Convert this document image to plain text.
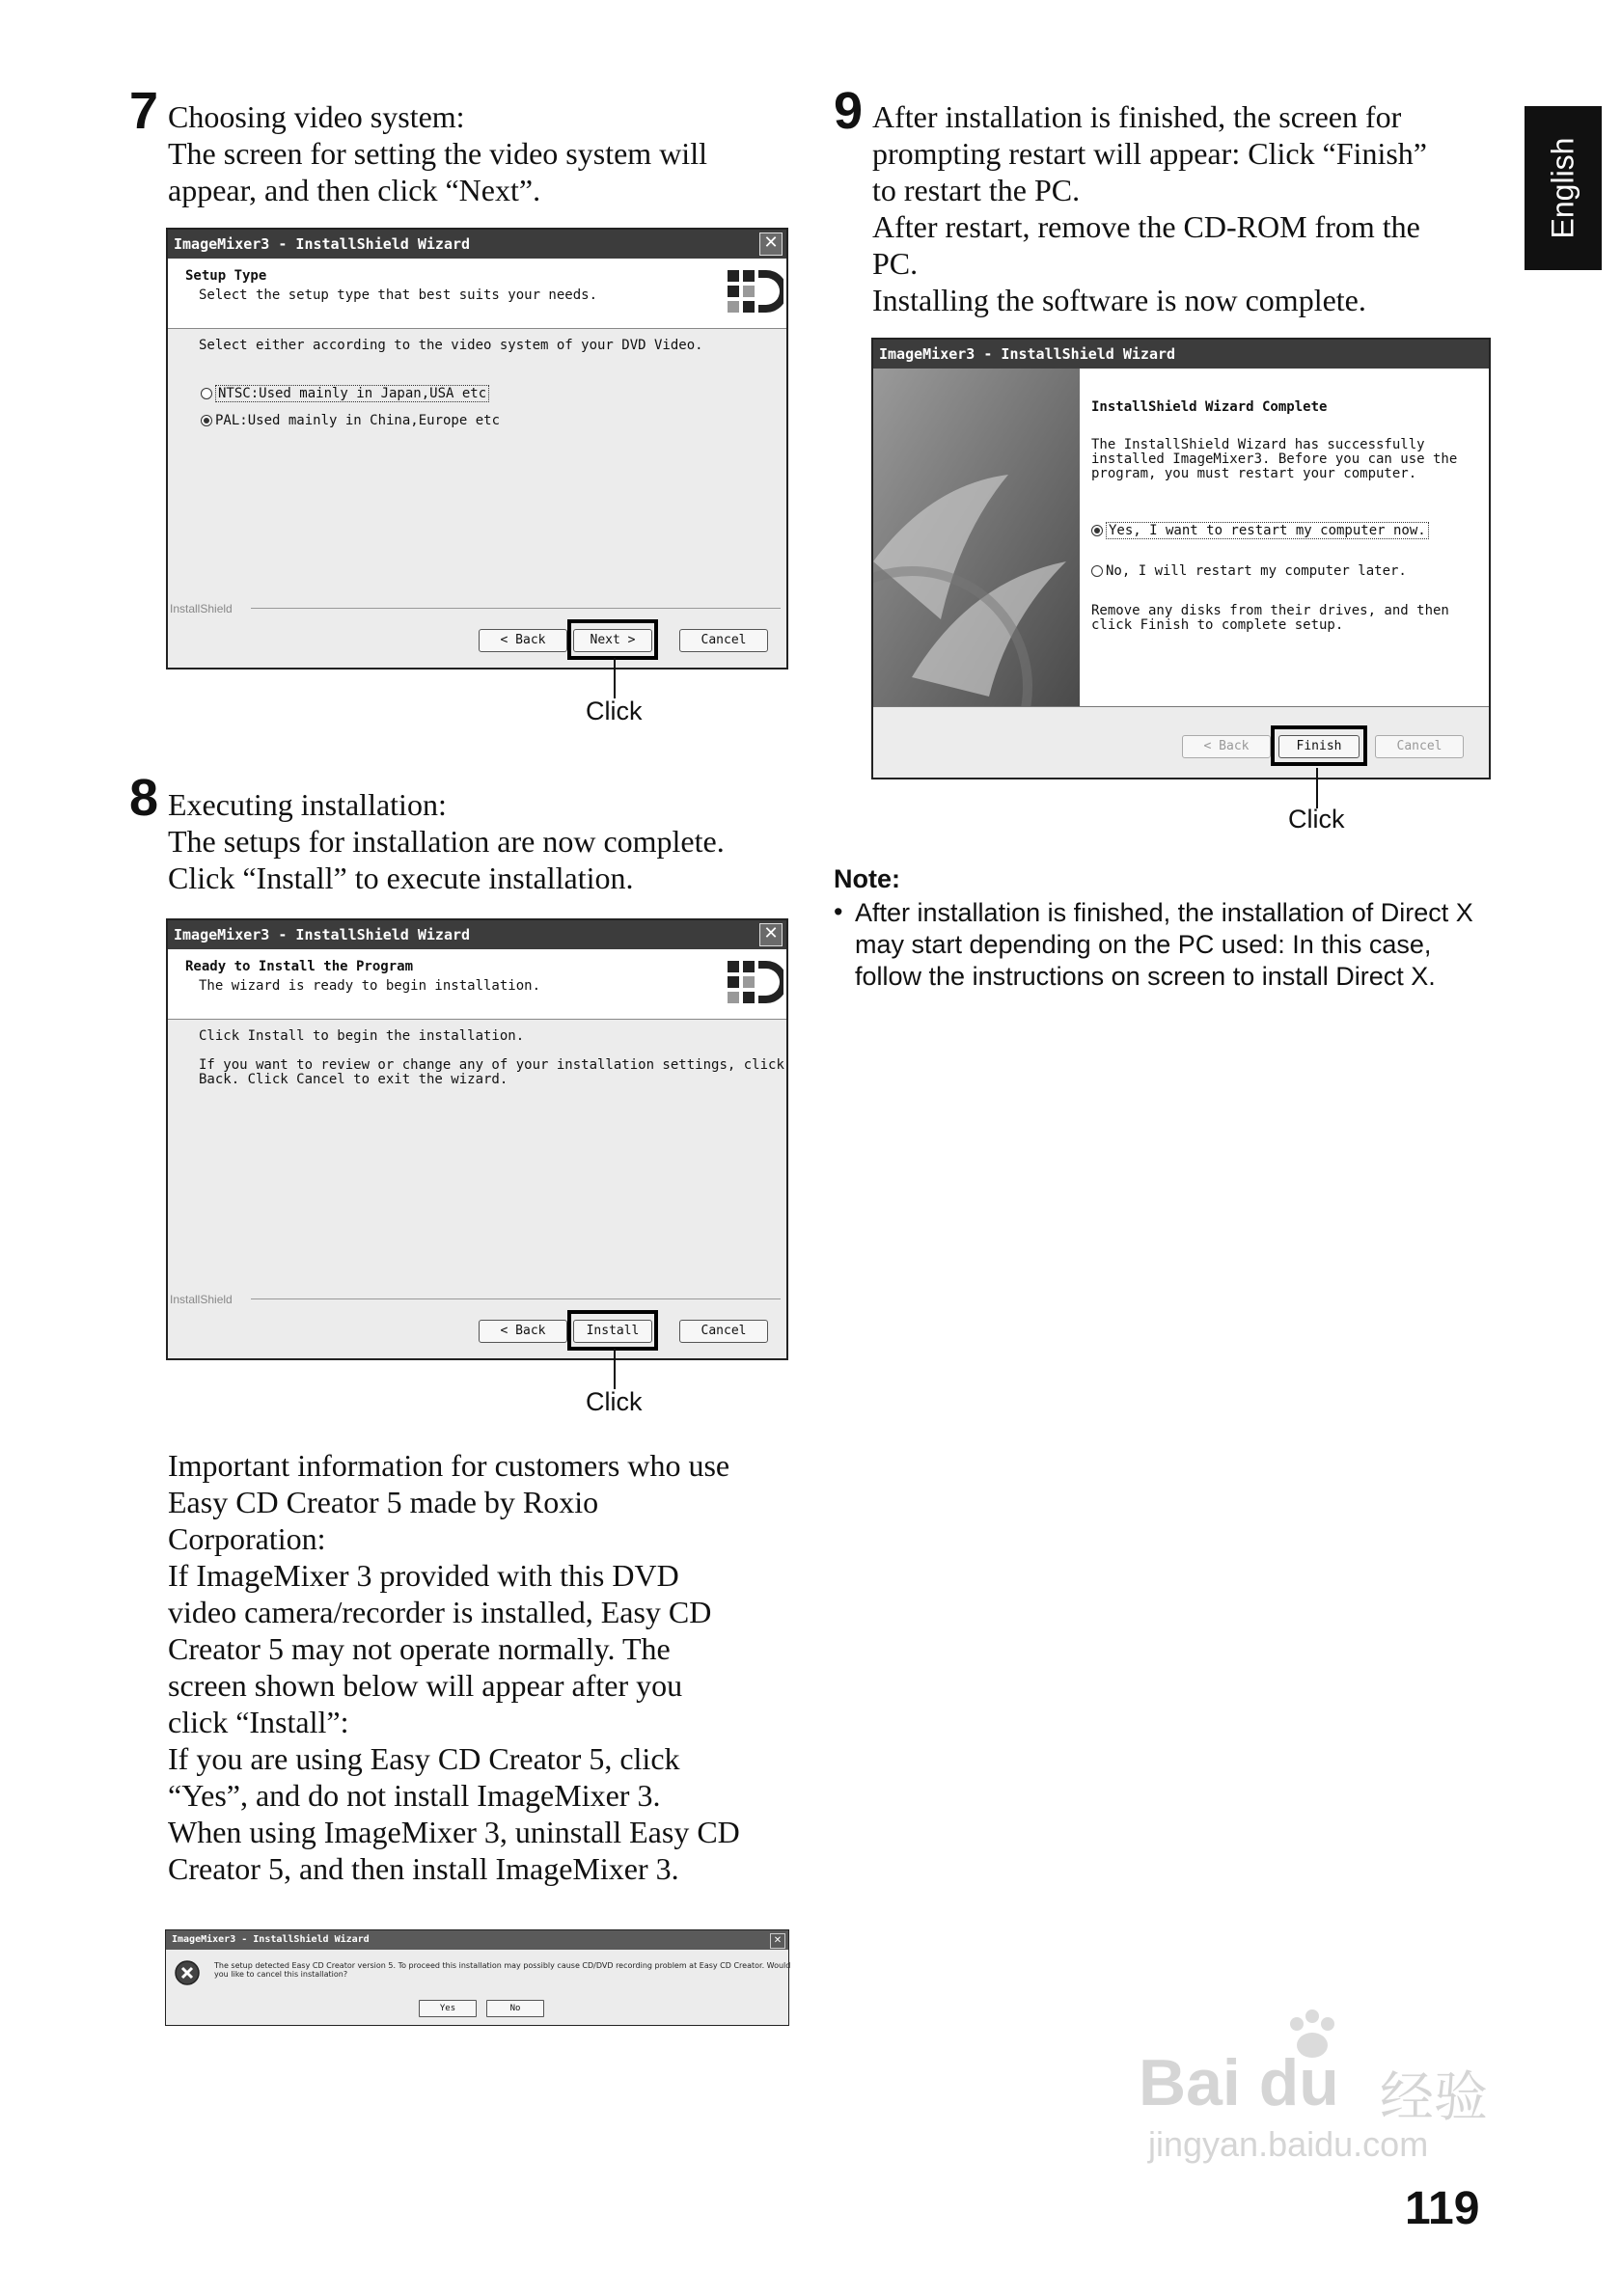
English
7 Choosing video system:
The screen for setting the video system will
appear, and then click “Next”.
ImageMixer3 - InstallShield Wizard	✕
Setup Type
Select the setup type that best suits your needs.
Select either according to the video system of your DVD Video.
NTSC:Used mainly in Japan,USA etc
PAL:Used mainly in China,Europe etc
InstallShield
< Back	Next >	Cancel
Click
8 Executing installation:
The setups for installation are now complete.
Click “Install” to execute installation.
ImageMixer3 - InstallShield Wizard	✕
Ready to Install the Program
The wizard is ready to begin installation.
Click Install to begin the installation.
If you want to review or change any of your installation settings, click
Back. Click Cancel to exit the wizard.
InstallShield
< Back	Install	Cancel
Click
Important information for customers who use
Easy CD Creator 5 made by Roxio
Corporation:
If ImageMixer 3 provided with this DVD
video camera/recorder is installed, Easy CD
Creator 5 may not operate normally. The
screen shown below will appear after you
click “Install”:
If you are using Easy CD Creator 5, click
“Yes”, and do not install ImageMixer 3.
When using ImageMixer 3, uninstall Easy CD
Creator 5, and then install ImageMixer 3.
ImageMixer3 - InstallShield Wizard	✕
The setup detected Easy CD Creator version 5. To proceed this installation may possibly cause CD/DVD recording problem at Easy CD Creator. Would
you like to cancel this installation?
Yes	No
9 After installation is finished, the screen for
prompting restart will appear: Click “Finish”
to restart the PC.
After restart, remove the CD-ROM from the
PC.
Installing the software is now complete.
ImageMixer3 - InstallShield Wizard
InstallShield Wizard Complete
The InstallShield Wizard has successfully
installed ImageMixer3. Before you can use the
program, you must restart your computer.
Yes, I want to restart my computer now.
No, I will restart my computer later.
Remove any disks from their drives, and then
click Finish to complete setup.
< Back	Finish	Cancel
Click
Note:
• After installation is finished, the installation of Direct X
may start depending on the PC used: In this case,
follow the instructions on screen to install Direct X.
Bai du 经验
jingyan.baidu.com
119
